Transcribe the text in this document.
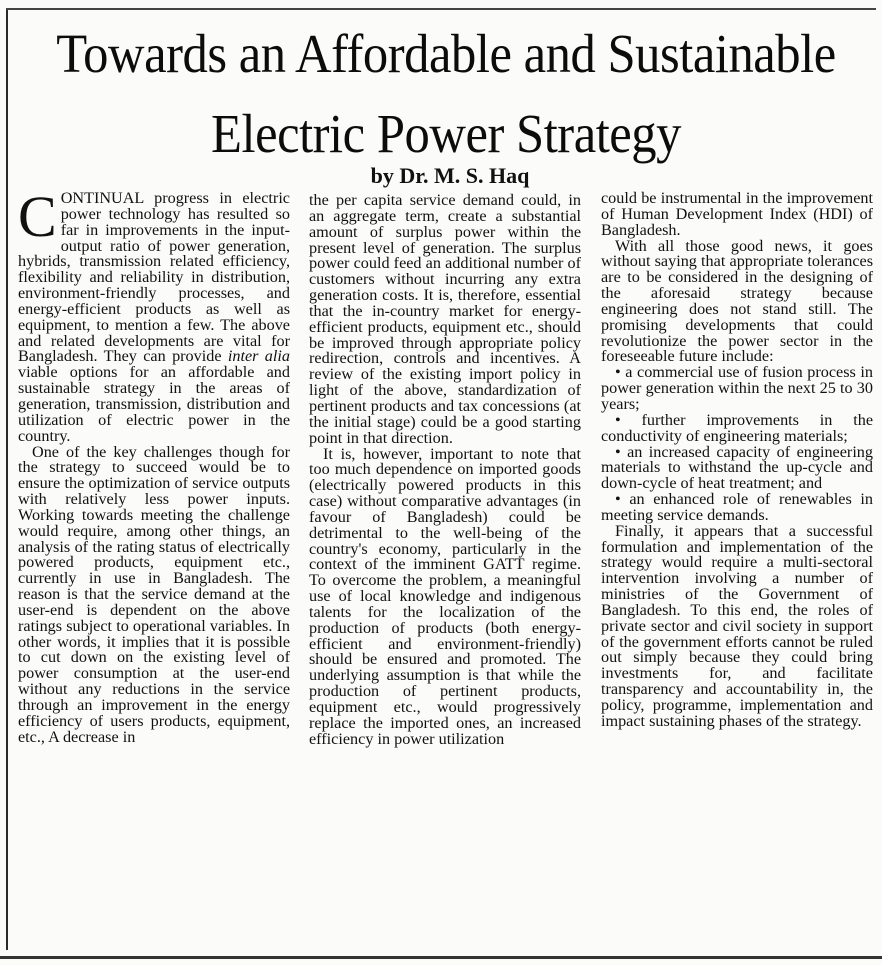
Towards an Affordable and Sustainable
Electric Power Strategy
by Dr. M. S. Haq

CONTINUAL progress in electric power technology has resulted so far in improvements in the input-output ratio of power generation, hybrids, transmission related efficiency, flexibility and reliability in distribution, environment-friendly processes, and energy-efficient products as well as equipment, to mention a few. The above and related developments are vital for Bangladesh. They can provide inter alia viable options for an affordable and sustainable strategy in the areas of generation, transmission, distribution and utilization of electric power in the country.

One of the key challenges though for the strategy to succeed would be to ensure the optimization of service outputs with relatively less power inputs. Working towards meeting the challenge would require, among other things, an analysis of the rating status of electrically powered products, equipment etc., currently in use in Bangladesh. The reason is that the service demand at the user-end is dependent on the above ratings subject to operational variables. In other words, it implies that it is possible to cut down on the existing level of power consumption at the user-end without any reductions in the service through an improvement in the energy efficiency of users products, equipment, etc., A decrease in

the per capita service demand could, in an aggregate term, create a substantial amount of surplus power within the present level of generation. The surplus power could feed an additional number of customers without incurring any extra generation costs. It is, therefore, essential that the in-country market for energy-efficient products, equipment etc., should be improved through appropriate policy redirection, controls and incentives. A review of the existing import policy in light of the above, standardization of pertinent products and tax concessions (at the initial stage) could be a good starting point in that direction.

It is, however, important to note that too much dependence on imported goods (electrically powered products in this case) without comparative advantages (in favour of Bangladesh) could be detrimental to the well-being of the country's economy, particularly in the context of the imminent GATT regime. To overcome the problem, a meaningful use of local knowledge and indigenous talents for the localization of the production of products (both energy-efficient and environment-friendly) should be ensured and promoted. The underlying assumption is that while the production of pertinent products, equipment etc., would progressively replace the imported ones, an increased efficiency in power utilization

could be instrumental in the improvement of Human Development Index (HDI) of Bangladesh.

With all those good news, it goes without saying that appropriate tolerances are to be considered in the designing of the aforesaid strategy because engineering does not stand still. The promising developments that could revolutionize the power sector in the foreseeable future include:

• a commercial use of fusion process in power generation within the next 25 to 30 years;

• further improvements in the conductivity of engineering materials;

• an increased capacity of engineering materials to withstand the up-cycle and down-cycle of heat treatment; and

• an enhanced role of renewables in meeting service demands.

Finally, it appears that a successful formulation and implementation of the strategy would require a multi-sectoral intervention involving a number of ministries of the Government of Bangladesh. To this end, the roles of private sector and civil society in support of the government efforts cannot be ruled out simply because they could bring investments for, and facilitate transparency and accountability in, the policy, programme, implementation and impact sustaining phases of the strategy.
